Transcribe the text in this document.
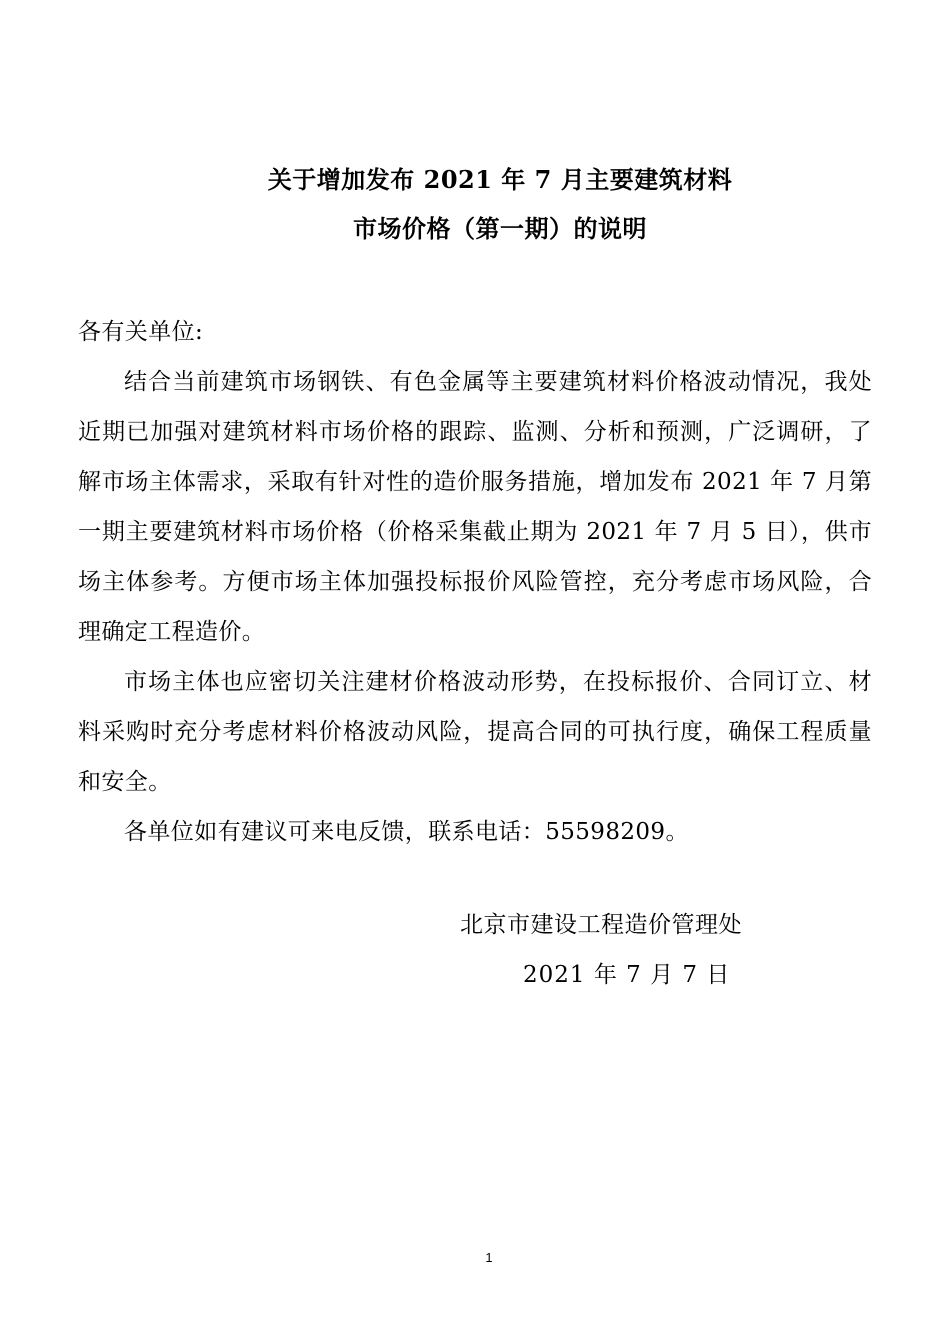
关于增加发布 2021 年 7 月主要建筑材料
市场价格（第一期）的说明
各有关单位:
结合当前建筑市场钢铁、有色金属等主要建筑材料价格波动情况，我处近期已加强对建筑材料市场价格的跟踪、监测、分析和预测，广泛调研，了解市场主体需求，采取有针对性的造价服务措施，增加发布 2021 年 7 月第一期主要建筑材料市场价格（价格采集截止期为 2021 年 7 月 5 日），供市场主体参考。方便市场主体加强投标报价风险管控，充分考虑市场风险，合理确定工程造价。
市场主体也应密切关注建材价格波动形势，在投标报价、合同订立、材料采购时充分考虑材料价格波动风险，提高合同的可执行度，确保工程质量和安全。
各单位如有建议可来电反馈，联系电话：55598209。
北京市建设工程造价管理处
2021 年 7 月 7 日
1
